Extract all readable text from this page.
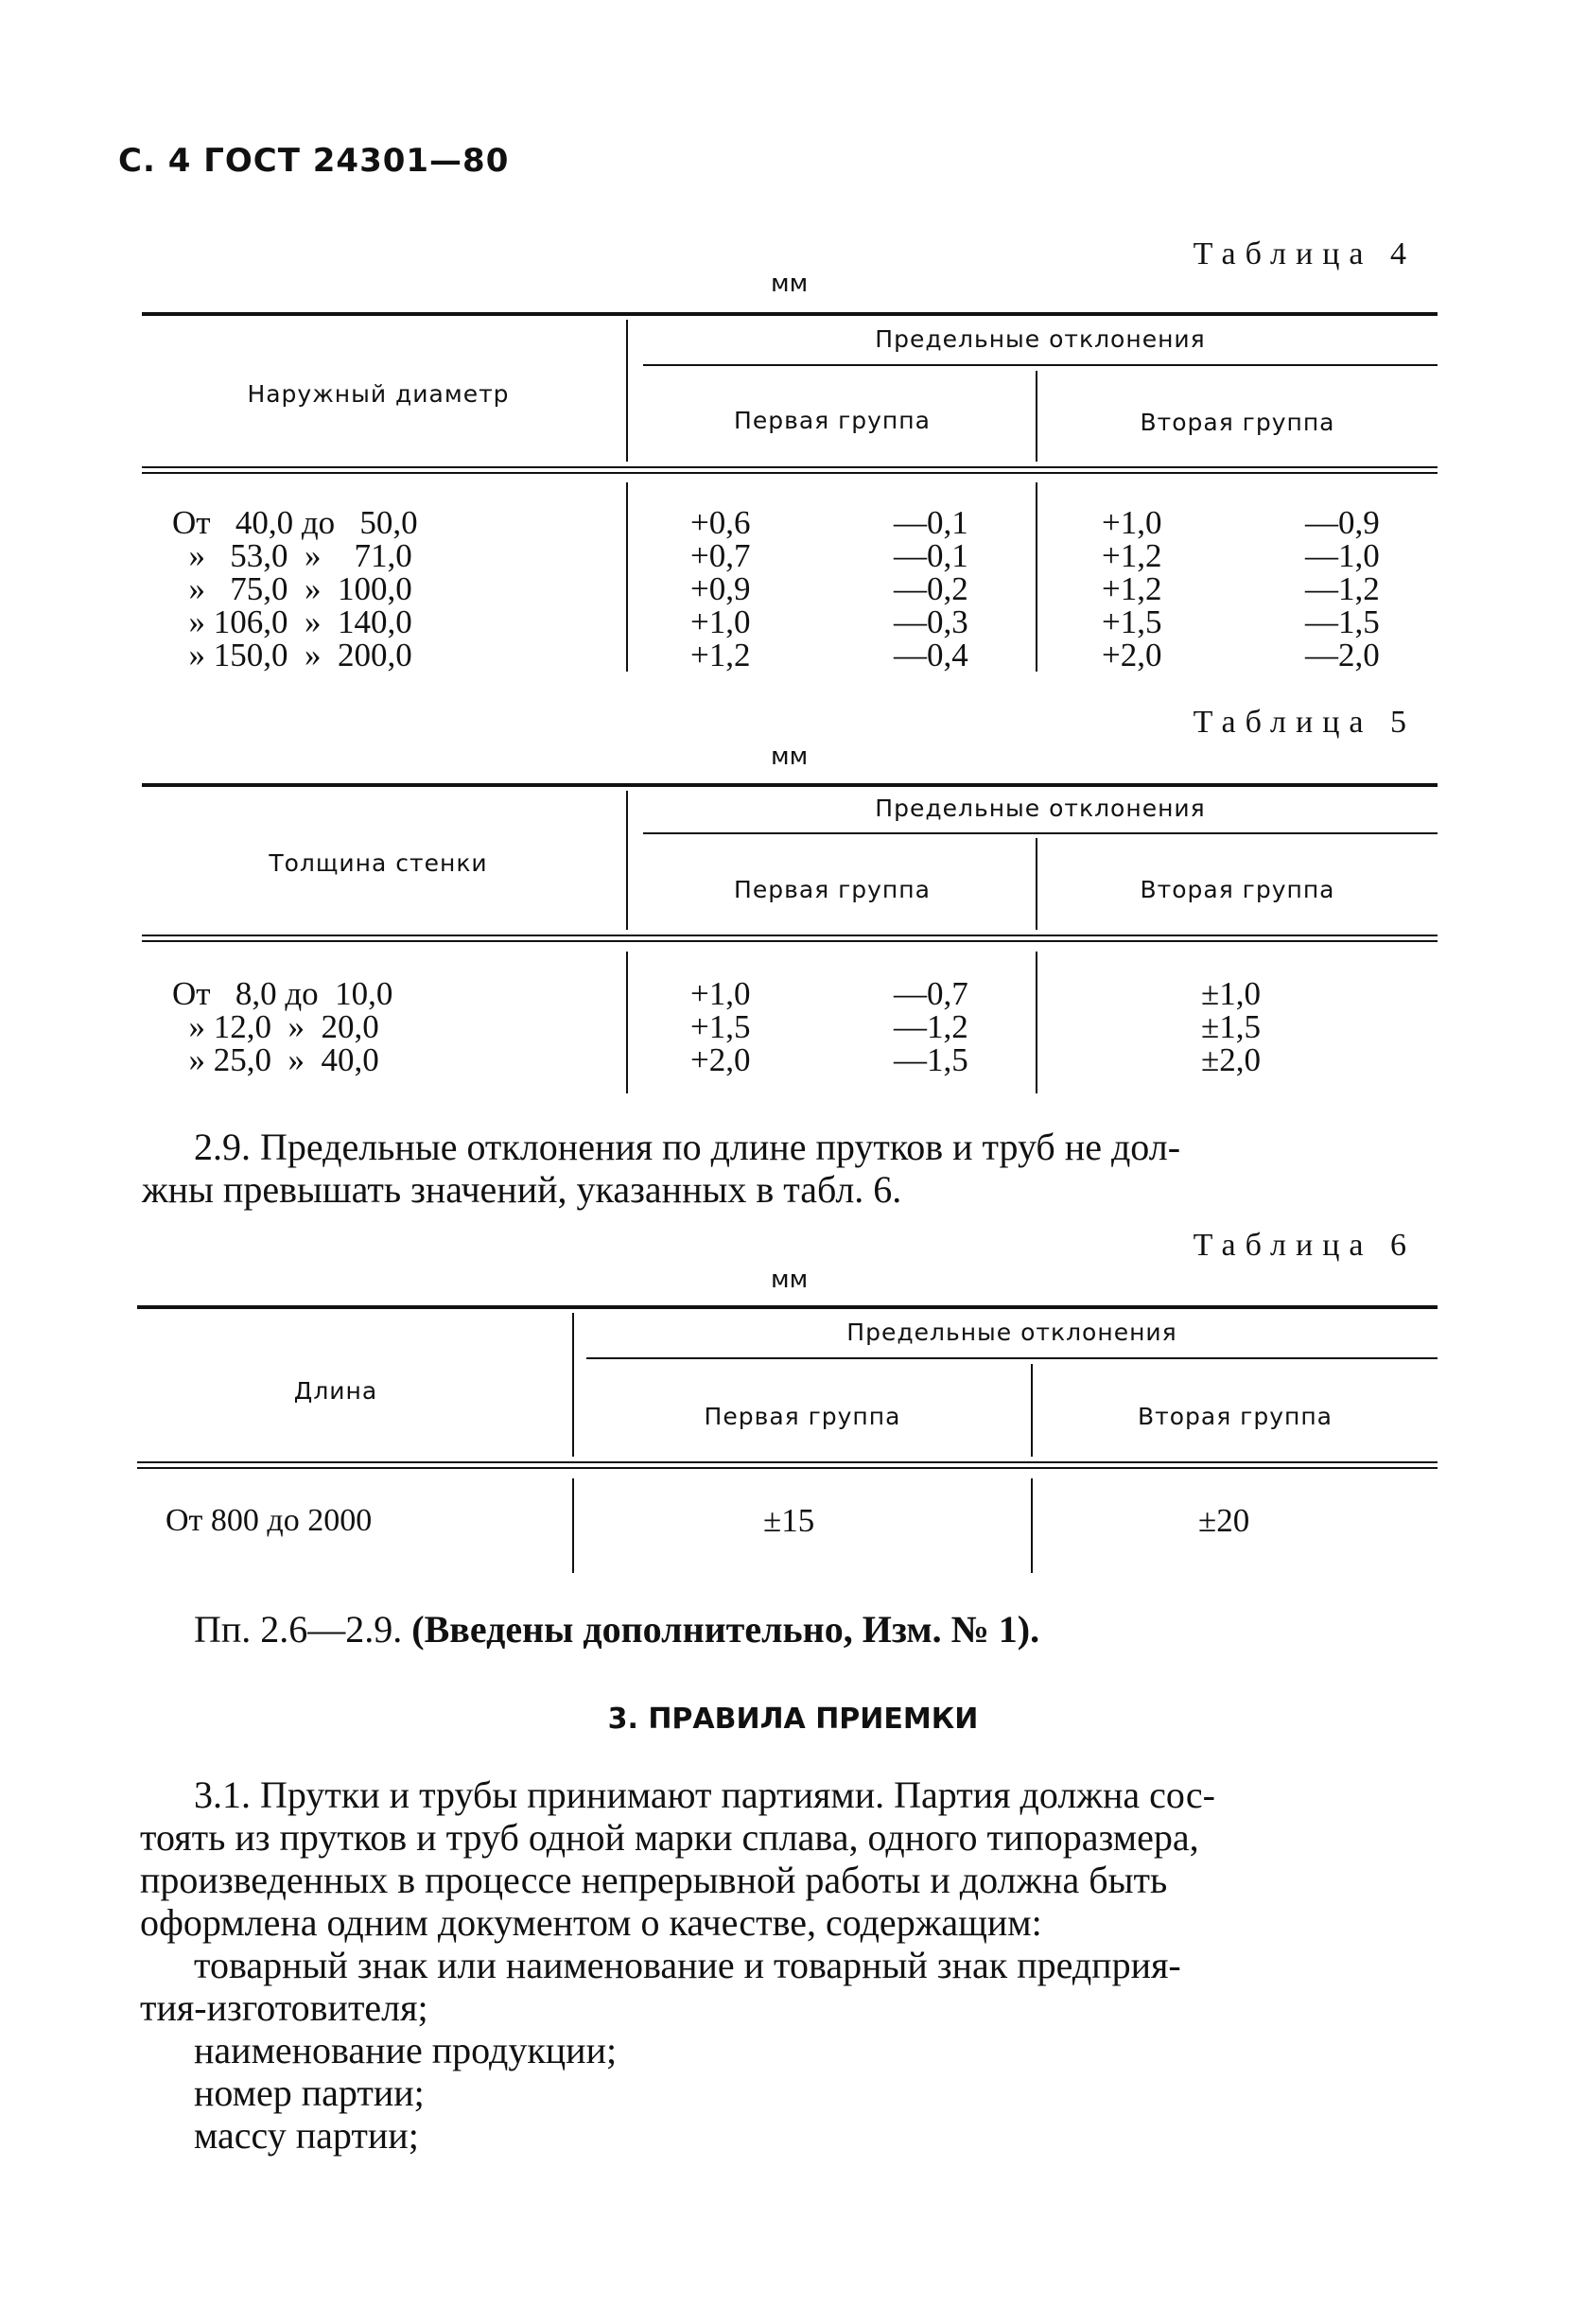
С. 4 ГОСТ 24301—80
Таблица 4
мм
Наружный диаметр
Предельные отклонения
Первая группа	Вторая группа
От   40,0 до   50,0	+0,6	—0,1	+1,0	—0,9
»   53,0  »    71,0	+0,7	—0,1	+1,2	—1,0
»   75,0  »  100,0	+0,9	—0,2	+1,2	—1,2
» 106,0  »  140,0	+1,0	—0,3	+1,5	—1,5
» 150,0  »  200,0	+1,2	—0,4	+2,0	—2,0
Таблица 5
мм
Толщина стенки
Предельные отклонения
Первая группа	Вторая группа
От   8,0 до  10,0	+1,0	—0,7	±1,0
» 12,0  »  20,0	+1,5	—1,2	±1,5
» 25,0  »  40,0	+2,0	—1,5	±2,0
2.9. Предельные отклонения по длине прутков и труб не дол-
жны превышать значений, указанных в табл. 6.
Таблица 6
мм
Длина
Предельные отклонения
Первая группа	Вторая группа
От 800 до 2000	±15	±20
Пп. 2.6—2.9. (Введены дополнительно, Изм. № 1).
3. ПРАВИЛА ПРИЕМКИ
3.1. Прутки и трубы принимают партиями. Партия должна сос-
тоять из прутков и труб одной марки сплава, одного типоразмера,
произведенных в процессе непрерывной работы и должна быть
оформлена одним документом о качестве, содержащим:
товарный знак или наименование и товарный знак предприя-
тия-изготовителя;
наименование продукции;
номер партии;
массу партии;
